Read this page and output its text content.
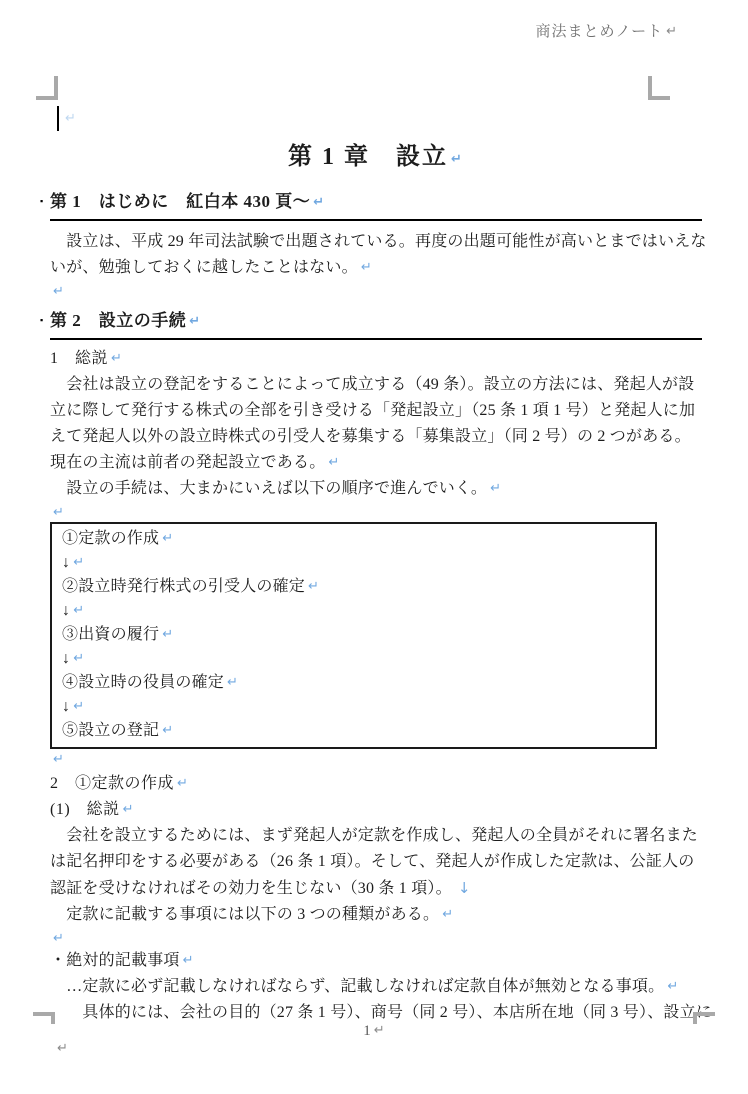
商法まとめノート ↵
↵
第 1 章　設立 ↵
▪ 第 1　はじめに　紅白本 430 頁～ ↵
　設立は、平成 29 年司法試験で出題されている。再度の出題可能性が高いとまではいえな
いが、勉強しておくに越したことはない。 ↵
↵
▪ 第 2　設立の手続 ↵
1　総説 ↵
　会社は設立の登記をすることによって成立する（49 条）。設立の方法には、発起人が設
立に際して発行する株式の全部を引き受ける「発起設立」（25 条 1 項 1 号）と発起人に加
えて発起人以外の設立時株式の引受人を募集する「募集設立」（同 2 号）の 2 つがある。
現在の主流は前者の発起設立である。 ↵
　設立の手続は、大まかにいえば以下の順序で進んでいく。 ↵
↵
①定款の作成 ↵
↓ ↵
②設立時発行株式の引受人の確定 ↵
↓ ↵
③出資の履行 ↵
↓ ↵
④設立時の役員の確定 ↵
↓ ↵
⑤設立の登記 ↵
↵
2　①定款の作成 ↵
(1)　総説 ↵
　会社を設立するためには、まず発起人が定款を作成し、発起人の全員がそれに署名また
は記名押印をする必要がある（26 条 1 項）。そして、発起人が作成した定款は、公証人の
認証を受けなければその効力を生じない（30 条 1 項）。 ↓
　定款に記載する事項には以下の 3 つの種類がある。 ↵
↵
・絶対的記載事項 ↵
　…定款に必ず記載しなければならず、記載しなければ定款自体が無効となる事項。 ↵
　　具体的には、会社の目的（27 条 1 号）、商号（同 2 号）、本店所在地（同 3 号）、設立に
1 ↵
↵
